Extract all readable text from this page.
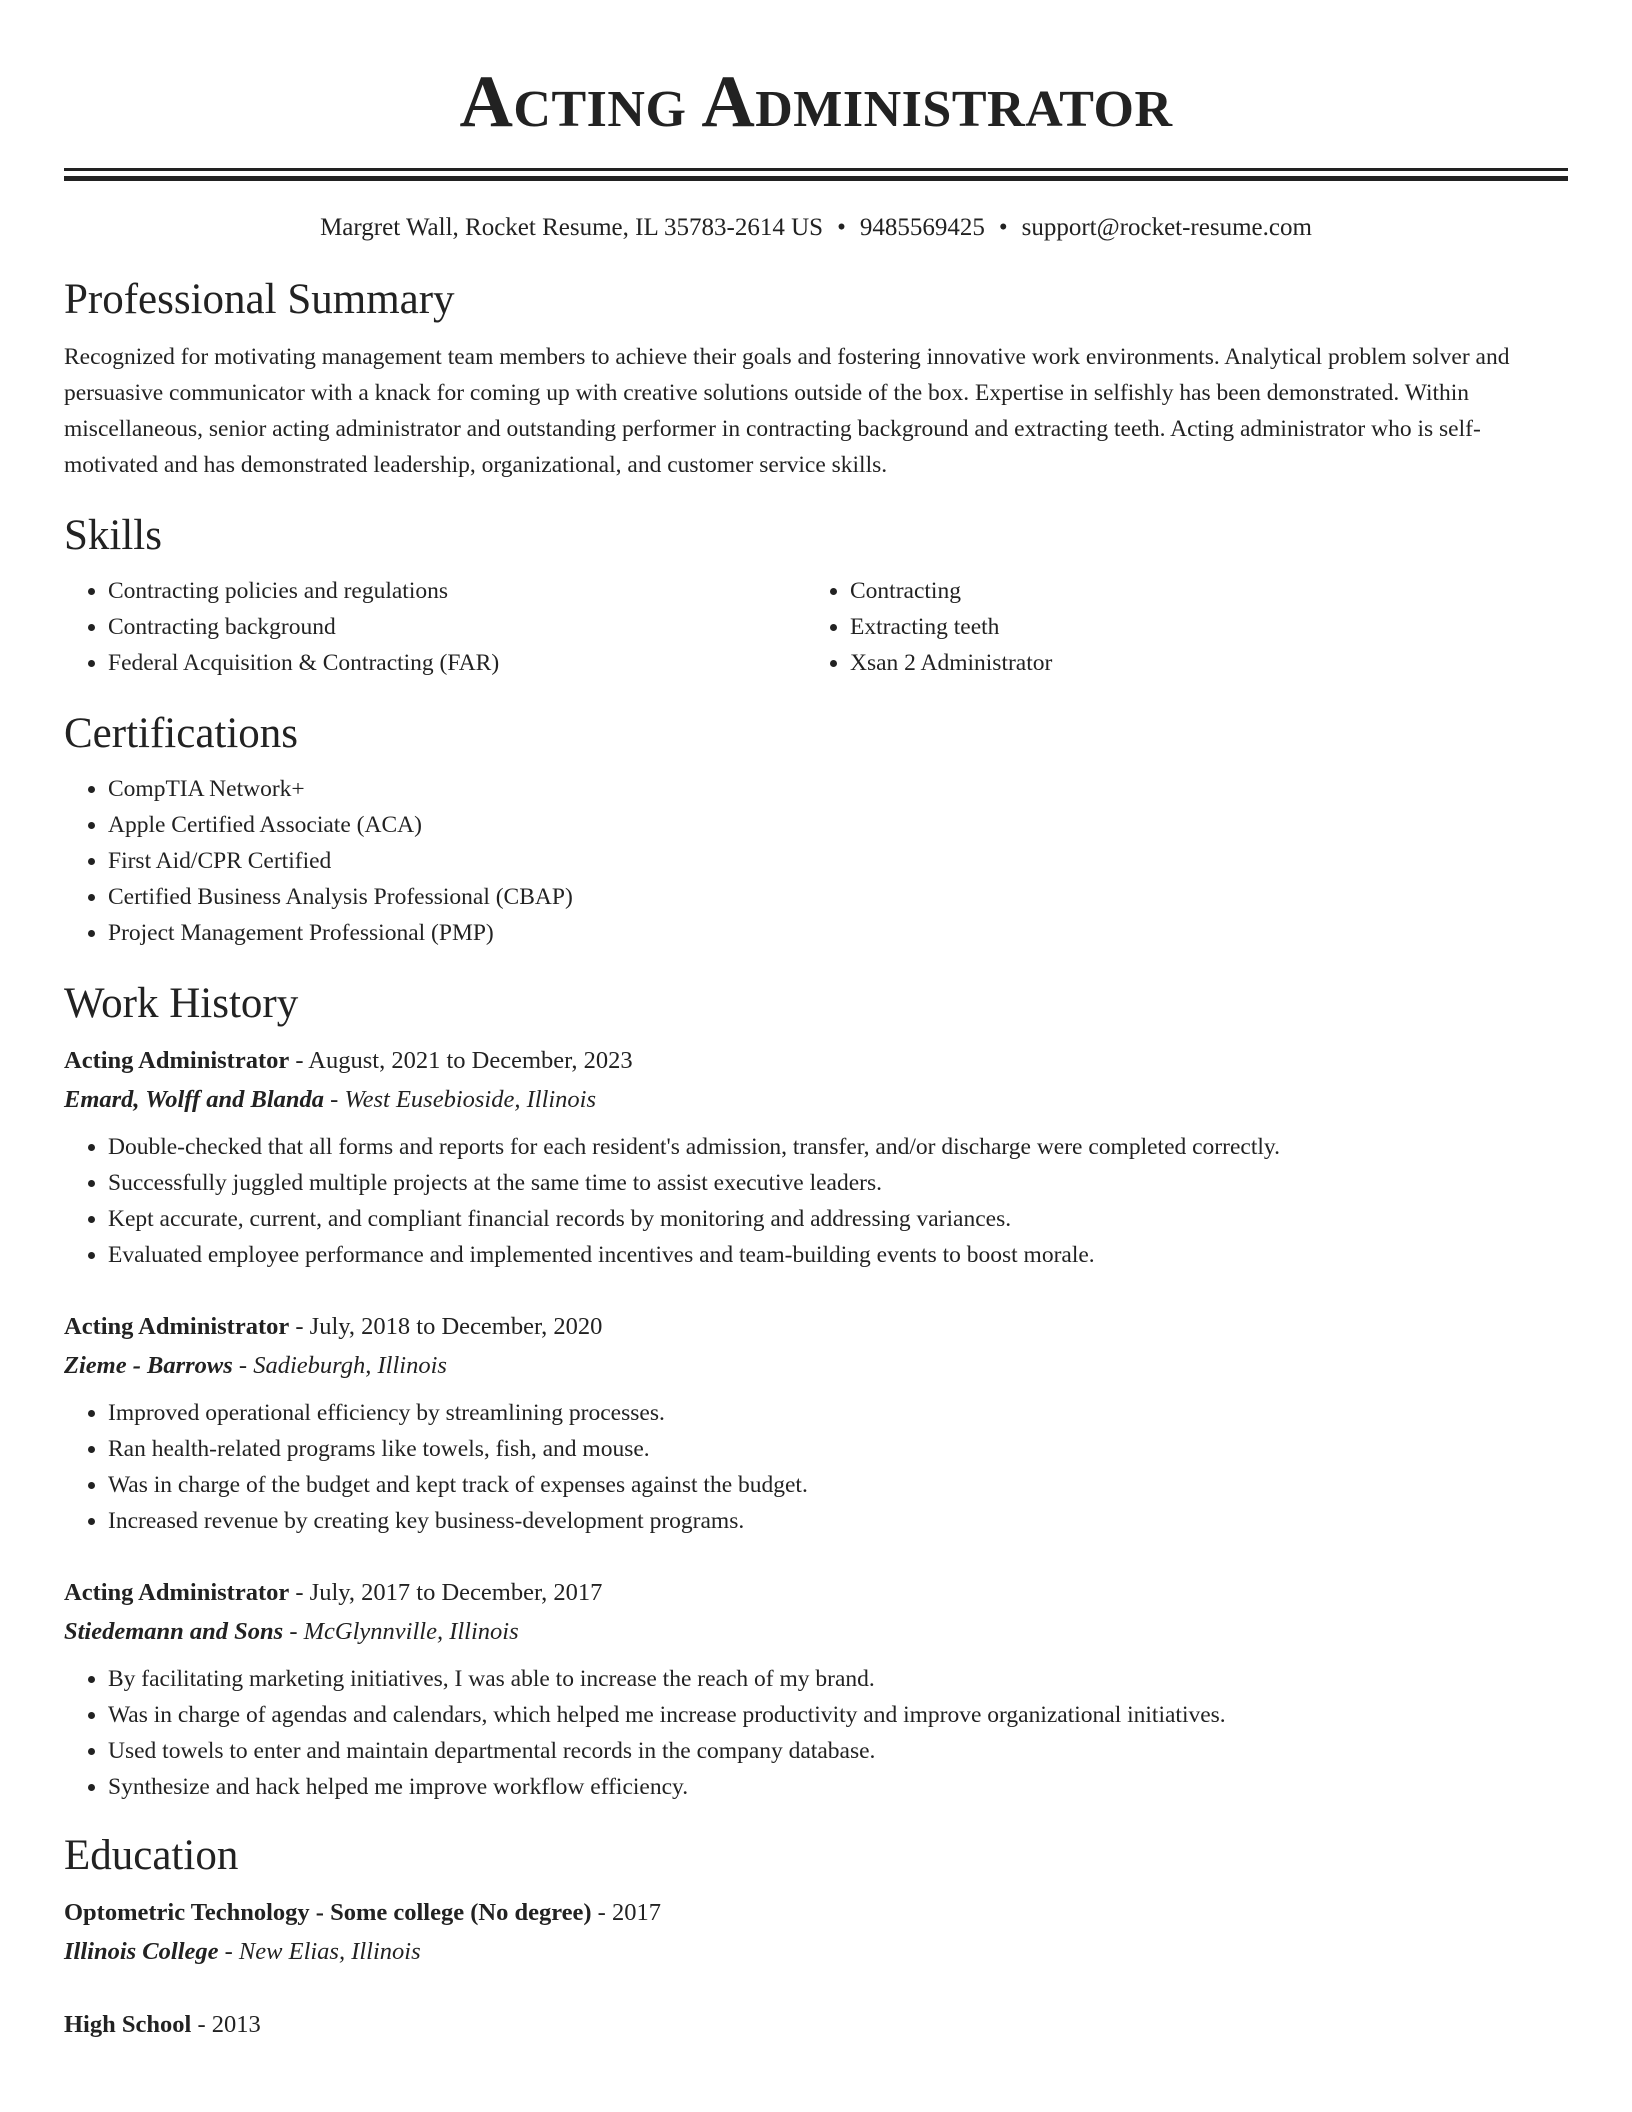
Acting Administrator
Margret Wall, Rocket Resume, IL 35783-2614 US • 9485569425 • support@rocket-resume.com
Professional Summary
Recognized for motivating management team members to achieve their goals and fostering innovative work environments. Analytical problem solver and persuasive communicator with a knack for coming up with creative solutions outside of the box. Expertise in selfishly has been demonstrated. Within miscellaneous, senior acting administrator and outstanding performer in contracting background and extracting teeth. Acting administrator who is self-motivated and has demonstrated leadership, organizational, and customer service skills.
Skills
• Contracting policies and regulations
• Contracting background
• Federal Acquisition & Contracting (FAR)
• Contracting
• Extracting teeth
• Xsan 2 Administrator
Certifications
• CompTIA Network+
• Apple Certified Associate (ACA)
• First Aid/CPR Certified
• Certified Business Analysis Professional (CBAP)
• Project Management Professional (PMP)
Work History
Acting Administrator - August, 2021 to December, 2023
Emard, Wolff and Blanda - West Eusebioside, Illinois
• Double-checked that all forms and reports for each resident's admission, transfer, and/or discharge were completed correctly.
• Successfully juggled multiple projects at the same time to assist executive leaders.
• Kept accurate, current, and compliant financial records by monitoring and addressing variances.
• Evaluated employee performance and implemented incentives and team-building events to boost morale.
Acting Administrator - July, 2018 to December, 2020
Zieme - Barrows - Sadieburgh, Illinois
• Improved operational efficiency by streamlining processes.
• Ran health-related programs like towels, fish, and mouse.
• Was in charge of the budget and kept track of expenses against the budget.
• Increased revenue by creating key business-development programs.
Acting Administrator - July, 2017 to December, 2017
Stiedemann and Sons - McGlynnville, Illinois
• By facilitating marketing initiatives, I was able to increase the reach of my brand.
• Was in charge of agendas and calendars, which helped me increase productivity and improve organizational initiatives.
• Used towels to enter and maintain departmental records in the company database.
• Synthesize and hack helped me improve workflow efficiency.
Education
Optometric Technology - Some college (No degree) - 2017
Illinois College - New Elias, Illinois
High School - 2013
